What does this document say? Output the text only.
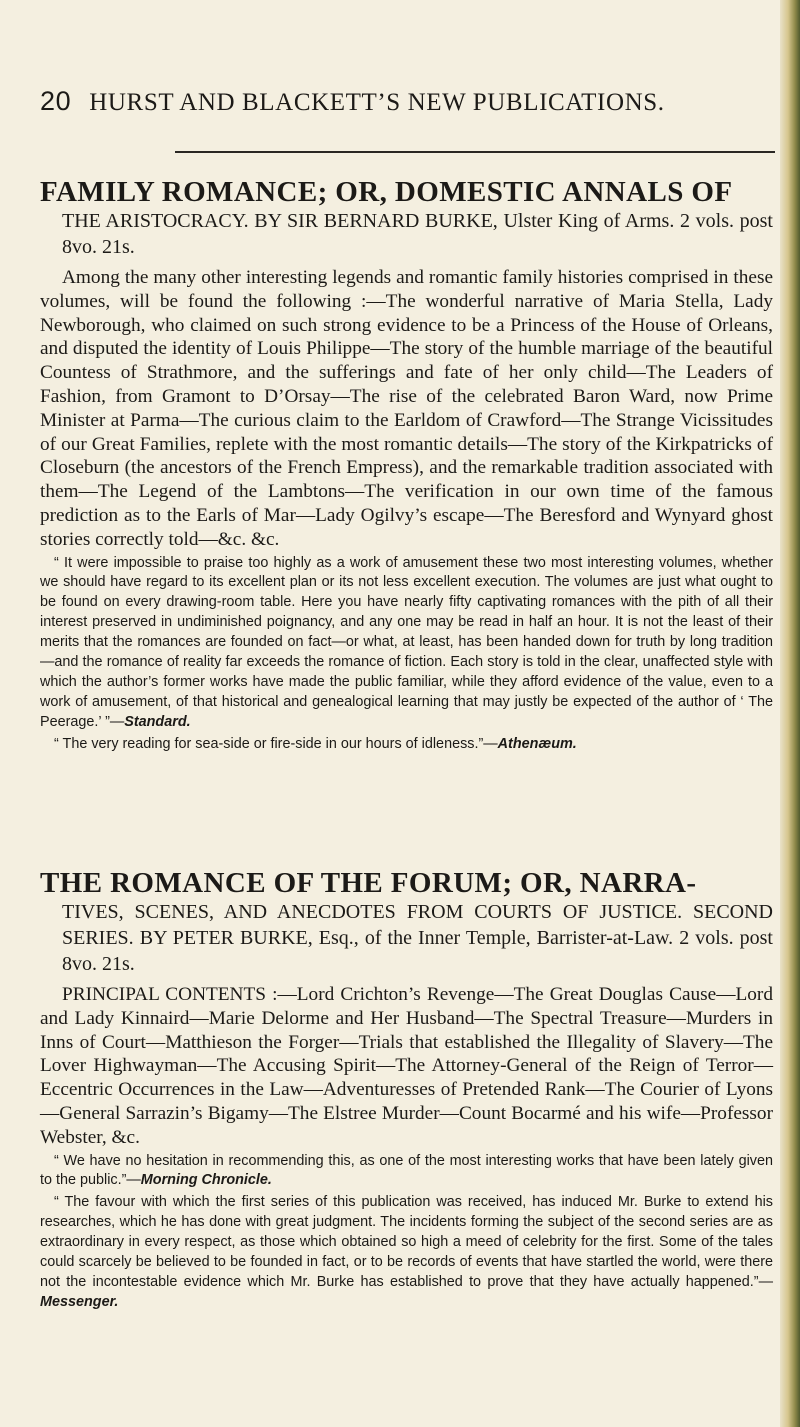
20 HURST AND BLACKETT’S NEW PUBLICATIONS.
FAMILY ROMANCE; OR, DOMESTIC ANNALS OF

THE ARISTOCRACY. BY SIR BERNARD BURKE, Ulster King of Arms. 2 vols. post 8vo. 21s.

Among the many other interesting legends and romantic family histories comprised in these volumes, will be found the following :—The wonderful narrative of Maria Stella, Lady Newborough, who claimed on such strong evidence to be a Princess of the House of Orleans, and disputed the identity of Louis Philippe—The story of the humble marriage of the beautiful Countess of Strathmore, and the sufferings and fate of her only child—The Leaders of Fashion, from Gramont to D’Orsay—The rise of the celebrated Baron Ward, now Prime Minister at Parma—The curious claim to the Earldom of Crawford—The Strange Vicissitudes of our Great Families, replete with the most romantic details—The story of the Kirkpatricks of Closeburn (the ancestors of the French Empress), and the remarkable tradition associated with them—The Legend of the Lambtons—The verification in our own time of the famous prediction as to the Earls of Mar—Lady Ogilvy’s escape—The Beresford and Wynyard ghost stories correctly told—&c. &c.

“ It were impossible to praise too highly as a work of amusement these two most interesting volumes, whether we should have regard to its excellent plan or its not less excellent execution. The volumes are just what ought to be found on every drawing-room table. Here you have nearly fifty captivating romances with the pith of all their interest preserved in undiminished poignancy, and any one may be read in half an hour. It is not the least of their merits that the romances are founded on fact—or what, at least, has been handed down for truth by long tradition—and the romance of reality far exceeds the romance of fiction. Each story is told in the clear, unaffected style with which the author’s former works have made the public familiar, while they afford evidence of the value, even to a work of amusement, of that historical and genealogical learning that may justly be expected of the author of ‘ The Peerage.’ ”—Standard.

“ The very reading for sea-side or fire-side in our hours of idleness.”—Athenæum.

THE ROMANCE OF THE FORUM; OR, NARRA-

TIVES, SCENES, AND ANECDOTES FROM COURTS OF JUSTICE. SECOND SERIES. BY PETER BURKE, Esq., of the Inner Temple, Barrister-at-Law. 2 vols. post 8vo. 21s.

PRINCIPAL CONTENTS :—Lord Crichton’s Revenge—The Great Douglas Cause—Lord and Lady Kinnaird—Marie Delorme and Her Husband—The Spectral Treasure—Murders in Inns of Court—Matthieson the Forger—Trials that established the Illegality of Slavery—The Lover Highwayman—The Accusing Spirit—The Attorney-General of the Reign of Terror—Eccentric Occurrences in the Law—Adventuresses of Pretended Rank—The Courier of Lyons—General Sarrazin’s Bigamy—The Elstree Murder—Count Bocarmé and his wife—Professor Webster, &c.

“ We have no hesitation in recommending this, as one of the most interesting works that have been lately given to the public.”—Morning Chronicle.

“ The favour with which the first series of this publication was received, has induced Mr. Burke to extend his researches, which he has done with great judgment. The incidents forming the subject of the second series are as extraordinary in every respect, as those which obtained so high a meed of celebrity for the first. Some of the tales could scarcely be believed to be founded in fact, or to be records of events that have startled the world, were there not the incontestable evidence which Mr. Burke has established to prove that they have actually happened.”—Messenger.
